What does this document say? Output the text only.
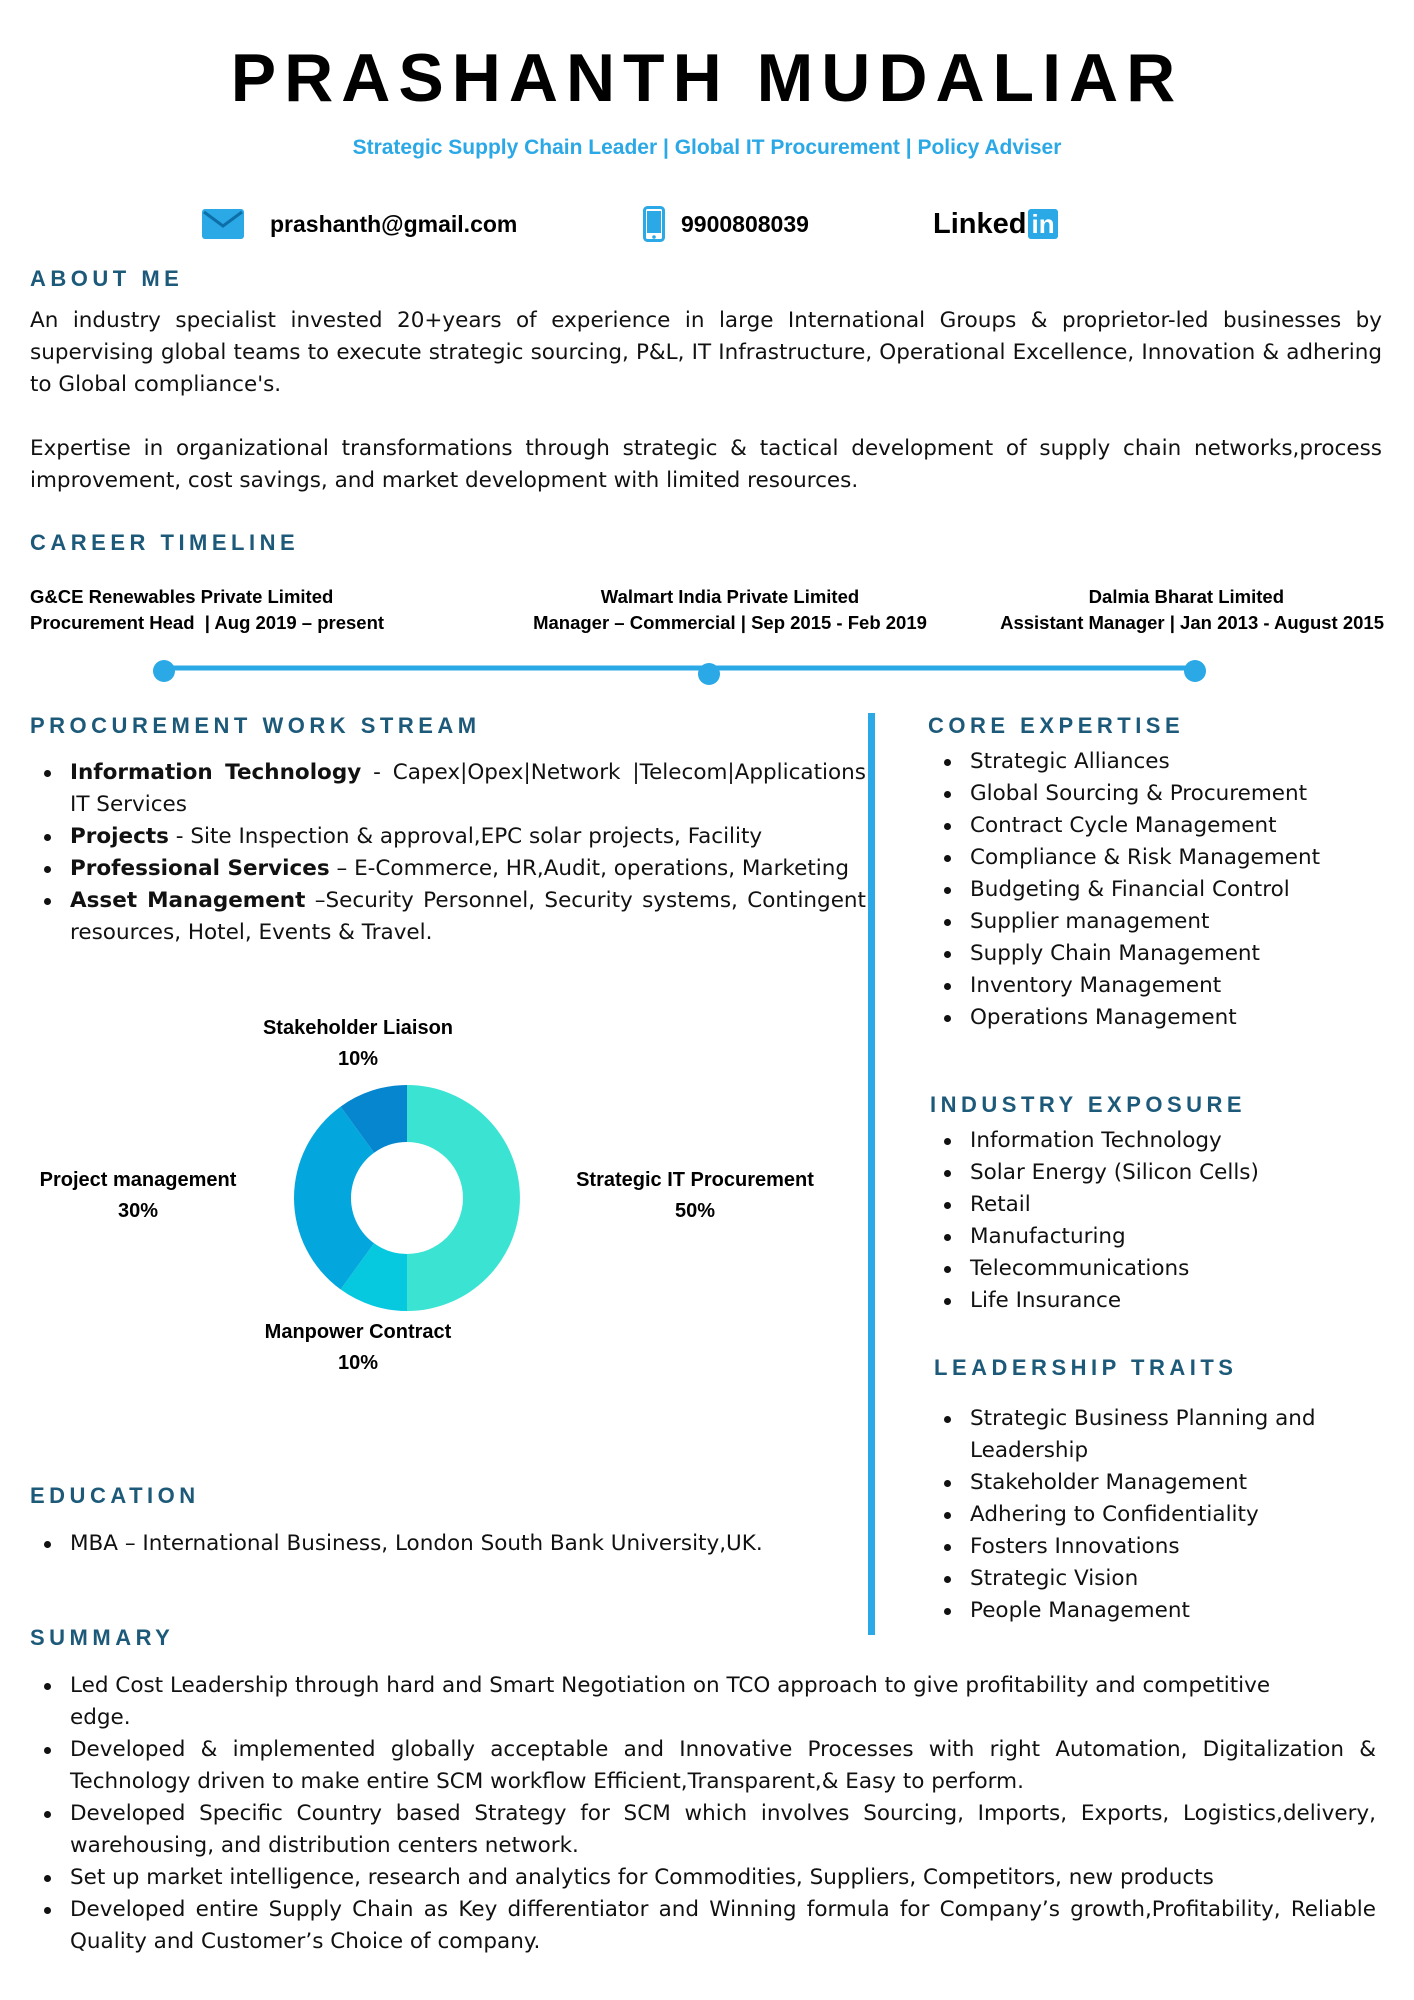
PRASHANTH MUDALIAR
Strategic Supply Chain Leader | Global IT Procurement | Policy Adviser
prashanth@gmail.com	9900808039	Linked in
ABOUT ME

An industry specialist invested 20+years of experience in large International Groups & proprietor-led businesses by supervising global teams to execute strategic sourcing, P&L, IT Infrastructure, Operational Excellence, Innovation & adhering to Global compliance's.

Expertise in organizational transformations through strategic & tactical development of supply chain networks,process improvement, cost savings, and market development with limited resources.

CAREER TIMELINE
G&CE Renewables Private Limited
Procurement Head  | Aug 2019 – present
Walmart India Private Limited
Manager – Commercial | Sep 2015 - Feb 2019
Dalmia Bharat Limited
Assistant Manager | Jan 2013 - August 2015
PROCUREMENT WORK STREAM
Information Technology - Capex|Opex|Network |Telecom|Applications IT Services
Projects - Site Inspection & approval,EPC solar projects, Facility
Professional Services – E-Commerce, HR,Audit, operations, Marketing
Asset Management –Security Personnel, Security systems, Contingent resources, Hotel, Events & Travel.
Stakeholder Liaison
10%
Project management
30%
Strategic IT Procurement
50%
Manpower Contract
10%
EDUCATION
MBA – International Business, London South Bank University,UK.
CORE EXPERTISE
Strategic Alliances
Global Sourcing & Procurement
Contract Cycle Management
Compliance & Risk Management
Budgeting & Financial Control
Supplier management
Supply Chain Management
Inventory Management
Operations Management
INDUSTRY EXPOSURE
Information Technology
Solar Energy (Silicon Cells)
Retail
Manufacturing
Telecommunications
Life Insurance
LEADERSHIP TRAITS
Strategic Business Planning and Leadership
Stakeholder Management
Adhering to Confidentiality
Fosters Innovations
Strategic Vision
People Management
SUMMARY
Led Cost Leadership through hard and Smart Negotiation on TCO approach to give profitability and competitive edge.
Developed & implemented globally acceptable and Innovative Processes with right Automation, Digitalization & Technology driven to make entire SCM workflow Efficient,Transparent,& Easy to perform.
Developed Specific Country based Strategy for SCM which involves Sourcing, Imports, Exports, Logistics,delivery, warehousing, and distribution centers network.
Set up market intelligence, research and analytics for Commodities, Suppliers, Competitors, new products
Developed entire Supply Chain as Key differentiator and Winning formula for Company’s growth,Profitability, Reliable Quality and Customer’s Choice of company.
